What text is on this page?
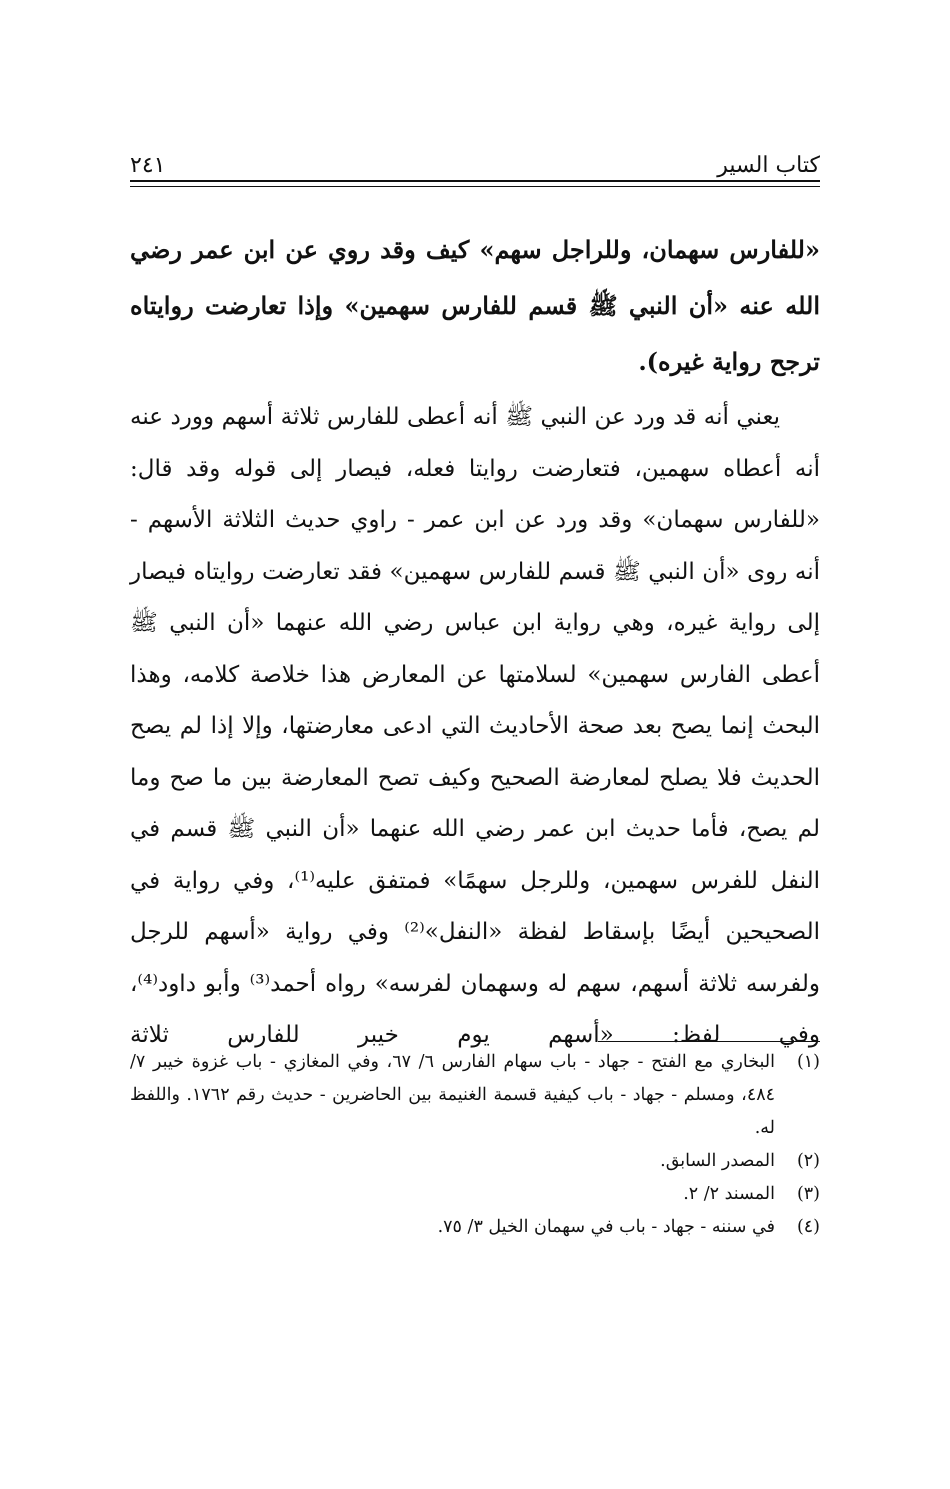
كتاب السير
٢٤١

«للفارس سهمان، وللراجل سهم» كيف وقد روي عن ابن عمر رضي الله عنه «أن النبي ﷺ قسم للفارس سهمين» وإذا تعارضت روايتاه ترجح رواية غيره).

يعني أنه قد ورد عن النبي ﷺ أنه أعطى للفارس ثلاثة أسهم وورد عنه أنه أعطاه سهمين، فتعارضت روايتا فعله، فيصار إلى قوله وقد قال: «للفارس سهمان» وقد ورد عن ابن عمر - راوي حديث الثلاثة الأسهم - أنه روى «أن النبي ﷺ قسم للفارس سهمين» فقد تعارضت روايتاه فيصار إلى رواية غيره، وهي رواية ابن عباس رضي الله عنهما «أن النبي ﷺ أعطى الفارس سهمين» لسلامتها عن المعارض هذا خلاصة كلامه، وهذا البحث إنما يصح بعد صحة الأحاديث التي ادعى معارضتها، وإلا إذا لم يصح الحديث فلا يصلح لمعارضة الصحيح وكيف تصح المعارضة بين ما صح وما لم يصح، فأما حديث ابن عمر رضي الله عنهما «أن النبي ﷺ قسم في النفل للفرس سهمين، وللرجل سهمًا» فمتفق عليه⁽¹⁾، وفي رواية في الصحيحين أيضًا بإسقاط لفظة «النفل»⁽²⁾ وفي رواية «أسهم للرجل ولفرسه ثلاثة أسهم، سهم له وسهمان لفرسه» رواه أحمد⁽³⁾ وأبو داود⁽⁴⁾، وفي لفظ: «أسهم يوم خيبر للفارس ثلاثة

(١)
البخاري مع الفتح - جهاد - باب سهام الفارس ٦/ ٦٧، وفي المغازي - باب غزوة خيبر ٧/ ٤٨٤، ومسلم - جهاد - باب كيفية قسمة الغنيمة بين الحاضرين - حديث رقم ١٧٦٢. واللفظ له.
(٢)
المصدر السابق.
(٣)
المسند ٢/ ٢.
(٤)
في سننه - جهاد - باب في سهمان الخيل ٣/ ٧٥.
